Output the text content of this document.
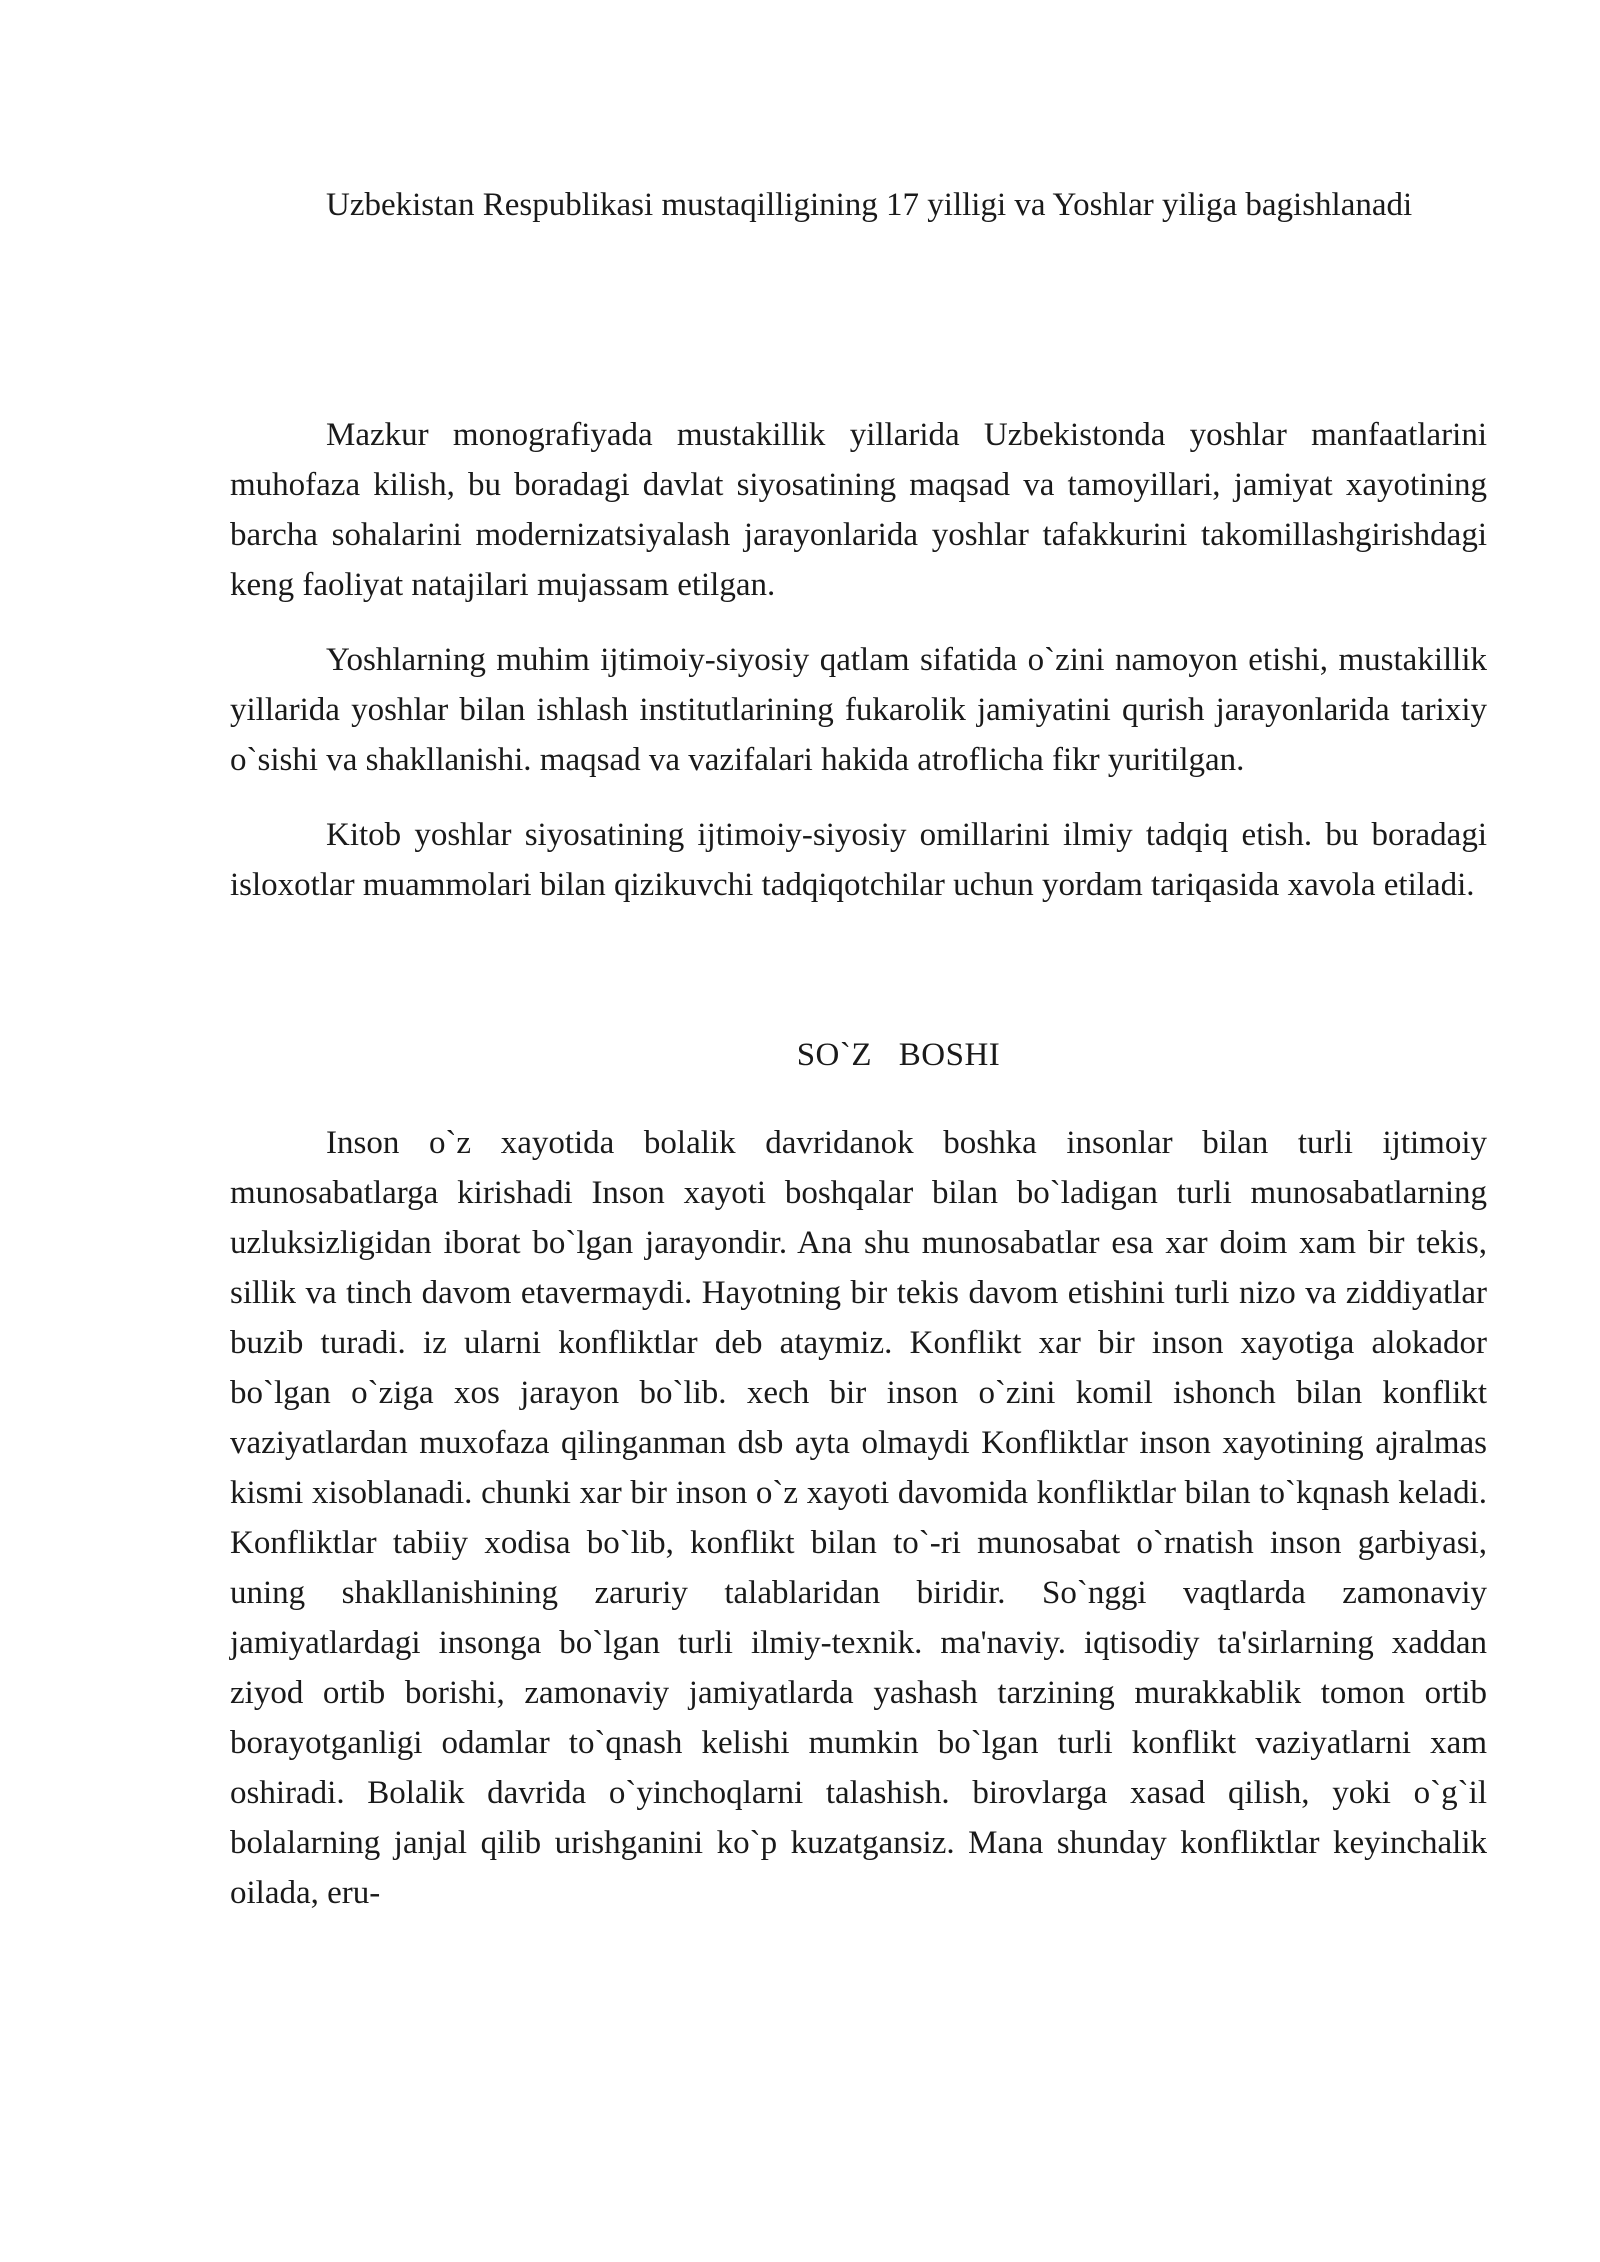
Uzbekistan Respublikasi mustaqilligining 17 yilligi va Yoshlar yiliga bagishlanadi

Mazkur monografiyada mustakillik yillarida Uzbekistonda yoshlar manfaatlarini muhofaza kilish, bu boradagi davlat siyosatining maqsad va tamoyillari, jamiyat xayotining barcha sohalarini modernizatsiyalash jarayonlarida yoshlar tafakkurini takomillashgirishdagi keng faoliyat natajilari mujassam etilgan.

Yoshlarning muhim ijtimoiy-siyosiy qatlam sifatida o`zini namoyon etishi, mustakillik yillarida yoshlar bilan ishlash institutlarining fukarolik jamiyatini qurish jarayonlarida tarixiy o`sishi va shakllanishi. maqsad va vazifalari hakida atroflicha fikr yuritilgan.

Kitob yoshlar siyosatining ijtimoiy-siyosiy omillarini ilmiy tadqiq etish. bu boradagi isloxotlar muammolari bilan qizikuvchi tadqiqotchilar uchun yordam tariqasida xavola etiladi.

SO`Z BOSHI

Inson o`z xayotida bolalik davridanok boshka insonlar bilan turli ijtimoiy munosabatlarga kirishadi Inson xayoti boshqalar bilan bo`ladigan turli munosabatlarning uzluksizligidan iborat bo`lgan jarayondir. Ana shu munosabatlar esa xar doim xam bir tekis, sillik va tinch davom etavermaydi. Hayotning bir tekis davom etishini turli nizo va ziddiyatlar buzib turadi. iz ularni konfliktlar deb ataymiz. Konflikt xar bir inson xayotiga alokador bo`lgan o`ziga xos jarayon bo`lib. xech bir inson o`zini komil ishonch bilan konflikt vaziyatlardan muxofaza qilinganman dsb ayta olmaydi Konfliktlar inson xayotining ajralmas kismi xisoblanadi. chunki xar bir inson o`z xayoti davomida konfliktlar bilan to`kqnash keladi. Konfliktlar tabiiy xodisa bo`lib, konflikt bilan to`-ri munosabat o`rnatish inson garbiyasi, uning shakllanishining zaruriy talablaridan biridir. So`nggi vaqtlarda zamonaviy jamiyatlardagi insonga bo`lgan turli ilmiy-texnik. ma'naviy. iqtisodiy ta'sirlarning xaddan ziyod ortib borishi, zamonaviy jamiyatlarda yashash tarzining murakkablik tomon ortib borayotganligi odamlar to`qnash kelishi mumkin bo`lgan turli konflikt vaziyatlarni xam oshiradi. Bolalik davrida o`yinchoqlarni talashish. birovlarga xasad qilish, yoki o`g`il bolalarning janjal qilib urishganini ko`p kuzatgansiz. Mana shunday konfliktlar keyinchalik oilada, eru-
